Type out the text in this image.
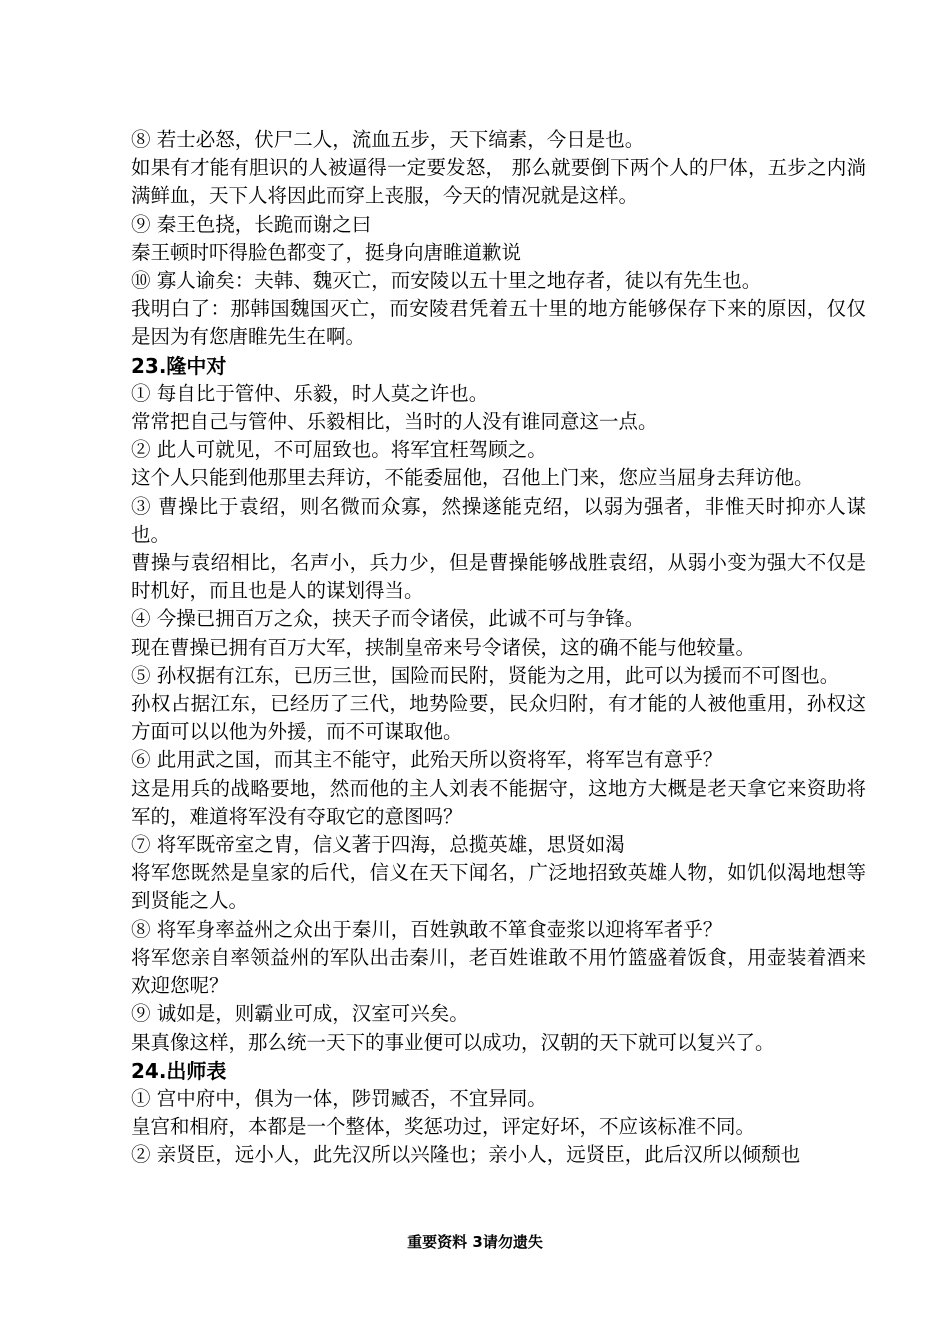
⑧ 若士必怒，伏尸二人，流血五步，天下缟素，今日是也。

如果有才能有胆识的人被逼得一定要发怒， 那么就要倒下两个人的尸体，五步之内淌满鲜血，天下人将因此而穿上丧服，今天的情况就是这样。

⑨ 秦王色挠，长跪而谢之曰

秦王顿时吓得脸色都变了，挺身向唐睢道歉说

⑩ 寡人谕矣：夫韩、魏灭亡，而安陵以五十里之地存者，徒以有先生也。

我明白了：那韩国魏国灭亡，而安陵君凭着五十里的地方能够保存下来的原因，仅仅是因为有您唐睢先生在啊。

23.隆中对

① 每自比于管仲、乐毅，时人莫之许也。

常常把自己与管仲、乐毅相比，当时的人没有谁同意这一点。

② 此人可就见，不可屈致也。将军宜枉驾顾之。

这个人只能到他那里去拜访，不能委屈他，召他上门来，您应当屈身去拜访他。

③ 曹操比于袁绍，则名微而众寡，然操遂能克绍，以弱为强者，非惟天时抑亦人谋也。

曹操与袁绍相比，名声小，兵力少，但是曹操能够战胜袁绍，从弱小变为强大不仅是时机好，而且也是人的谋划得当。

④ 今操已拥百万之众，挟天子而令诸侯，此诚不可与争锋。

现在曹操已拥有百万大军，挟制皇帝来号令诸侯，这的确不能与他较量。

⑤ 孙权据有江东，已历三世，国险而民附，贤能为之用，此可以为援而不可图也。

孙权占据江东，已经历了三代，地势险要，民众归附，有才能的人被他重用，孙权这方面可以以他为外援，而不可谋取他。

⑥ 此用武之国，而其主不能守，此殆天所以资将军，将军岂有意乎？

这是用兵的战略要地，然而他的主人刘表不能据守，这地方大概是老天拿它来资助将军的，难道将军没有夺取它的意图吗？

⑦ 将军既帝室之胄，信义著于四海，总揽英雄，思贤如渴

将军您既然是皇家的后代，信义在天下闻名，广泛地招致英雄人物，如饥似渴地想等到贤能之人。

⑧ 将军身率益州之众出于秦川，百姓孰敢不箪食壶浆以迎将军者乎？

将军您亲自率领益州的军队出击秦川，老百姓谁敢不用竹篮盛着饭食，用壶装着酒来欢迎您呢？

⑨ 诚如是，则霸业可成，汉室可兴矣。

果真像这样，那么统一天下的事业便可以成功，汉朝的天下就可以复兴了。

24.出师表

① 宫中府中，俱为一体，陟罚臧否，不宜异同。

皇宫和相府，本都是一个整体，奖惩功过，评定好坏，不应该标准不同。

② 亲贤臣，远小人，此先汉所以兴隆也；亲小人，远贤臣，此后汉所以倾颓也

重要资料 3请勿遗失
